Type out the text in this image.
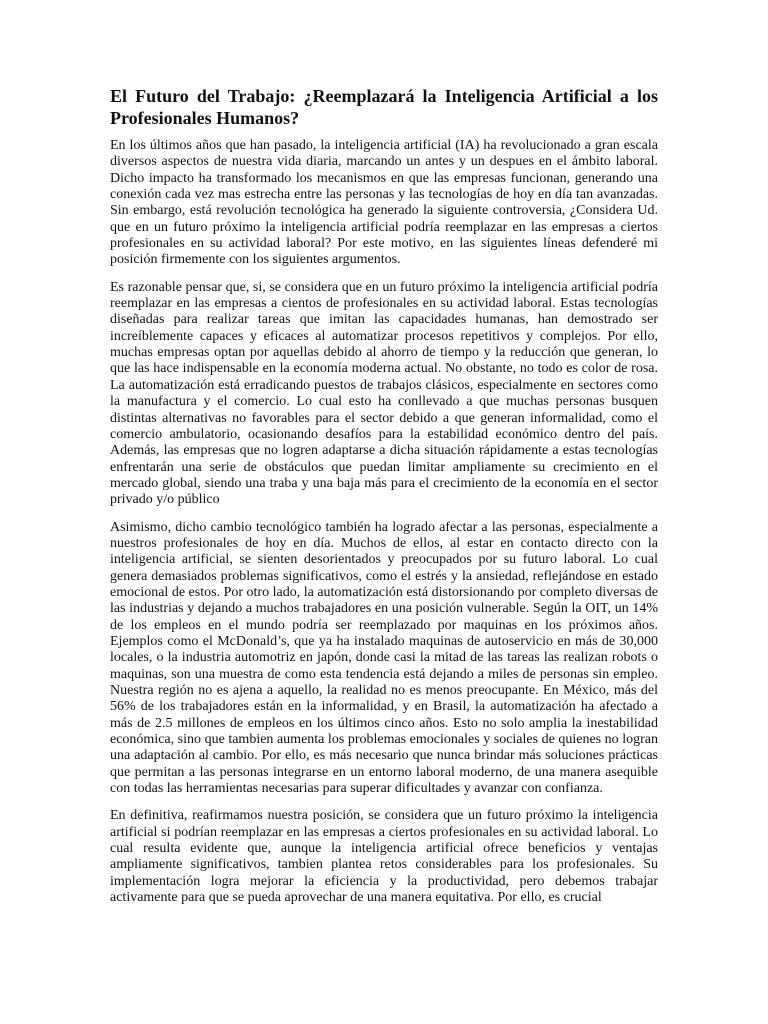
El Futuro del Trabajo: ¿Reemplazará la Inteligencia Artificial a los Profesionales Humanos?

En los últimos años que han pasado, la inteligencia artificial (IA) ha revolucionado a gran escala diversos aspectos de nuestra vida diaria, marcando un antes y un despues en el ámbito laboral. Dicho impacto ha transformado los mecanismos en que las empresas funcionan, generando una conexión cada vez mas estrecha entre las personas y las tecnologías de hoy en día tan avanzadas. Sin embargo, está revolución tecnológica ha generado la siguiente controversia, ¿Considera Ud. que en un futuro próximo la inteligencia artificial podría reemplazar en las empresas a ciertos profesionales en su actividad laboral? Por este motivo, en las siguientes líneas defenderé mi posición firmemente con los siguientes argumentos.

Es razonable pensar que, si, se considera que en un futuro próximo la inteligencia artificial podría reemplazar en las empresas a cientos de profesionales en su actividad laboral. Estas tecnologías diseñadas para realizar tareas que imitan las capacidades humanas, han demostrado ser increíblemente capaces y eficaces al automatizar procesos repetitivos y complejos. Por ello, muchas empresas optan por aquellas debido al ahorro de tiempo y la reducción que generan, lo que las hace indispensable en la economía moderna actual. No obstante, no todo es color de rosa. La automatización está erradicando puestos de trabajos clásicos, especialmente en sectores como la manufactura y el comercio. Lo cual esto ha conllevado a que muchas personas busquen distintas alternativas no favorables para el sector debido a que generan informalidad, como el comercio ambulatorio, ocasionando desafíos para la estabilidad económico dentro del país. Además, las empresas que no logren adaptarse a dicha situación rápidamente a estas tecnologías enfrentarán una serie de obstáculos que puedan limitar ampliamente su crecimiento en el mercado global, siendo una traba y una baja más para el crecimiento de la economía en el sector privado y/o público

Asimismo, dicho cambio tecnológico también ha logrado afectar a las personas, especialmente a nuestros profesionales de hoy en día. Muchos de ellos, al estar en contacto directo con la inteligencia artificial, se sienten desorientados y preocupados por su futuro laboral. Lo cual genera demasiados problemas significativos, como el estrés y la ansiedad, reflejándose en estado emocional de estos. Por otro lado, la automatización está distorsionando por completo diversas de las industrias y dejando a muchos trabajadores en una posición vulnerable. Según la OIT, un 14% de los empleos en el mundo podría ser reemplazado por maquinas en los próximos años. Ejemplos como el McDonald’s, que ya ha instalado maquinas de autoservicio en más de 30,000 locales, o la industria automotriz en japón, donde casi la mitad de las tareas las realizan robots o maquinas, son una muestra de como esta tendencia está dejando a miles de personas sin empleo. Nuestra región no es ajena a aquello, la realidad no es menos preocupante. En México, más del 56% de los trabajadores están en la informalidad, y en Brasil, la automatización ha afectado a más de 2.5 millones de empleos en los últimos cinco años. Esto no solo amplia la inestabilidad económica, sino que tambien aumenta los problemas emocionales y sociales de quienes no logran una adaptación al cambio. Por ello, es más necesario que nunca brindar más soluciones prácticas que permitan a las personas integrarse en un entorno laboral moderno, de una manera asequible con todas las herramientas necesarias para superar dificultades y avanzar con confianza.

En definitiva, reafirmamos nuestra posición, se considera que un futuro próximo la inteligencia artificial si podrían reemplazar en las empresas a ciertos profesionales en su actividad laboral. Lo cual resulta evidente que, aunque la inteligencia artificial ofrece beneficios y ventajas ampliamente significativos, tambien plantea retos considerables para los profesionales. Su implementación logra mejorar la eficiencia y la productividad, pero debemos trabajar activamente para que se pueda aprovechar de una manera equitativa. Por ello, es crucial
